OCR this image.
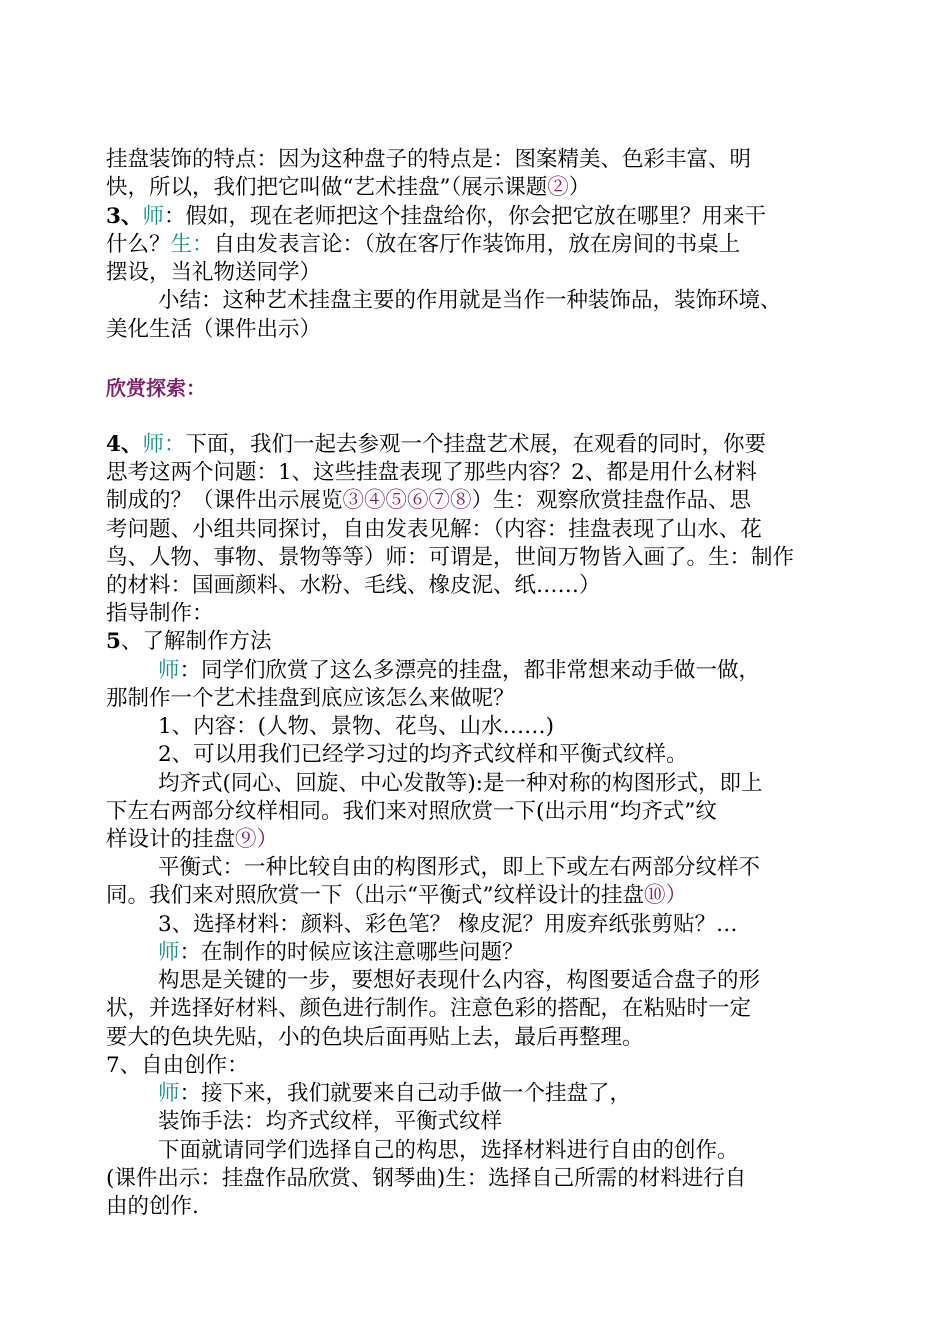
挂盘装饰的特点：因为这种盘子的特点是：图案精美、色彩丰富、明
快，所以，我们把它叫做“艺术挂盘”（展示课题②）
3、师：假如，现在老师把这个挂盘给你，你会把它放在哪里？用来干
什么？生：自由发表言论：（放在客厅作装饰用，放在房间的书桌上
摆设，当礼物送同学）
小结：这种艺术挂盘主要的作用就是当作一种装饰品，装饰环境、
美化生活（课件出示）
欣赏探索：
4、师：下面，我们一起去参观一个挂盘艺术展，在观看的同时，你要
思考这两个问题：1、这些挂盘表现了那些内容？2、都是用什么材料
制成的？（课件出示展览③④⑤⑥⑦⑧）生：观察欣赏挂盘作品、思
考问题、小组共同探讨，自由发表见解：（内容：挂盘表现了山水、花
鸟、人物、事物、景物等等）师：可谓是，世间万物皆入画了。生：制作
的材料：国画颜料、水粉、毛线、橡皮泥、纸……）
指导制作：
5、了解制作方法
师：同学们欣赏了这么多漂亮的挂盘，都非常想来动手做一做，
那制作一个艺术挂盘到底应该怎么来做呢？
1、内容：(人物、景物、花鸟、山水……)
2、可以用我们已经学习过的均齐式纹样和平衡式纹样。
均齐式(同心、回旋、中心发散等):是一种对称的构图形式，即上
下左右两部分纹样相同。我们来对照欣赏一下(出示用“均齐式”纹
样设计的挂盘⑨）
平衡式：一种比较自由的构图形式，即上下或左右两部分纹样不
同。我们来对照欣赏一下（出示“平衡式”纹样设计的挂盘⑩）
3、选择材料：颜料、彩色笔？ 橡皮泥？用废弃纸张剪贴？…
师：在制作的时候应该注意哪些问题？
构思是关键的一步，要想好表现什么内容，构图要适合盘子的形
状，并选择好材料、颜色进行制作。注意色彩的搭配，在粘贴时一定
要大的色块先贴，小的色块后面再贴上去，最后再整理。
7、自由创作：
师：接下来，我们就要来自己动手做一个挂盘了，
装饰手法：均齐式纹样，平衡式纹样
下面就请同学们选择自己的构思，选择材料进行自由的创作。
(课件出示：挂盘作品欣赏、钢琴曲)生：选择自己所需的材料进行自
由的创作.
